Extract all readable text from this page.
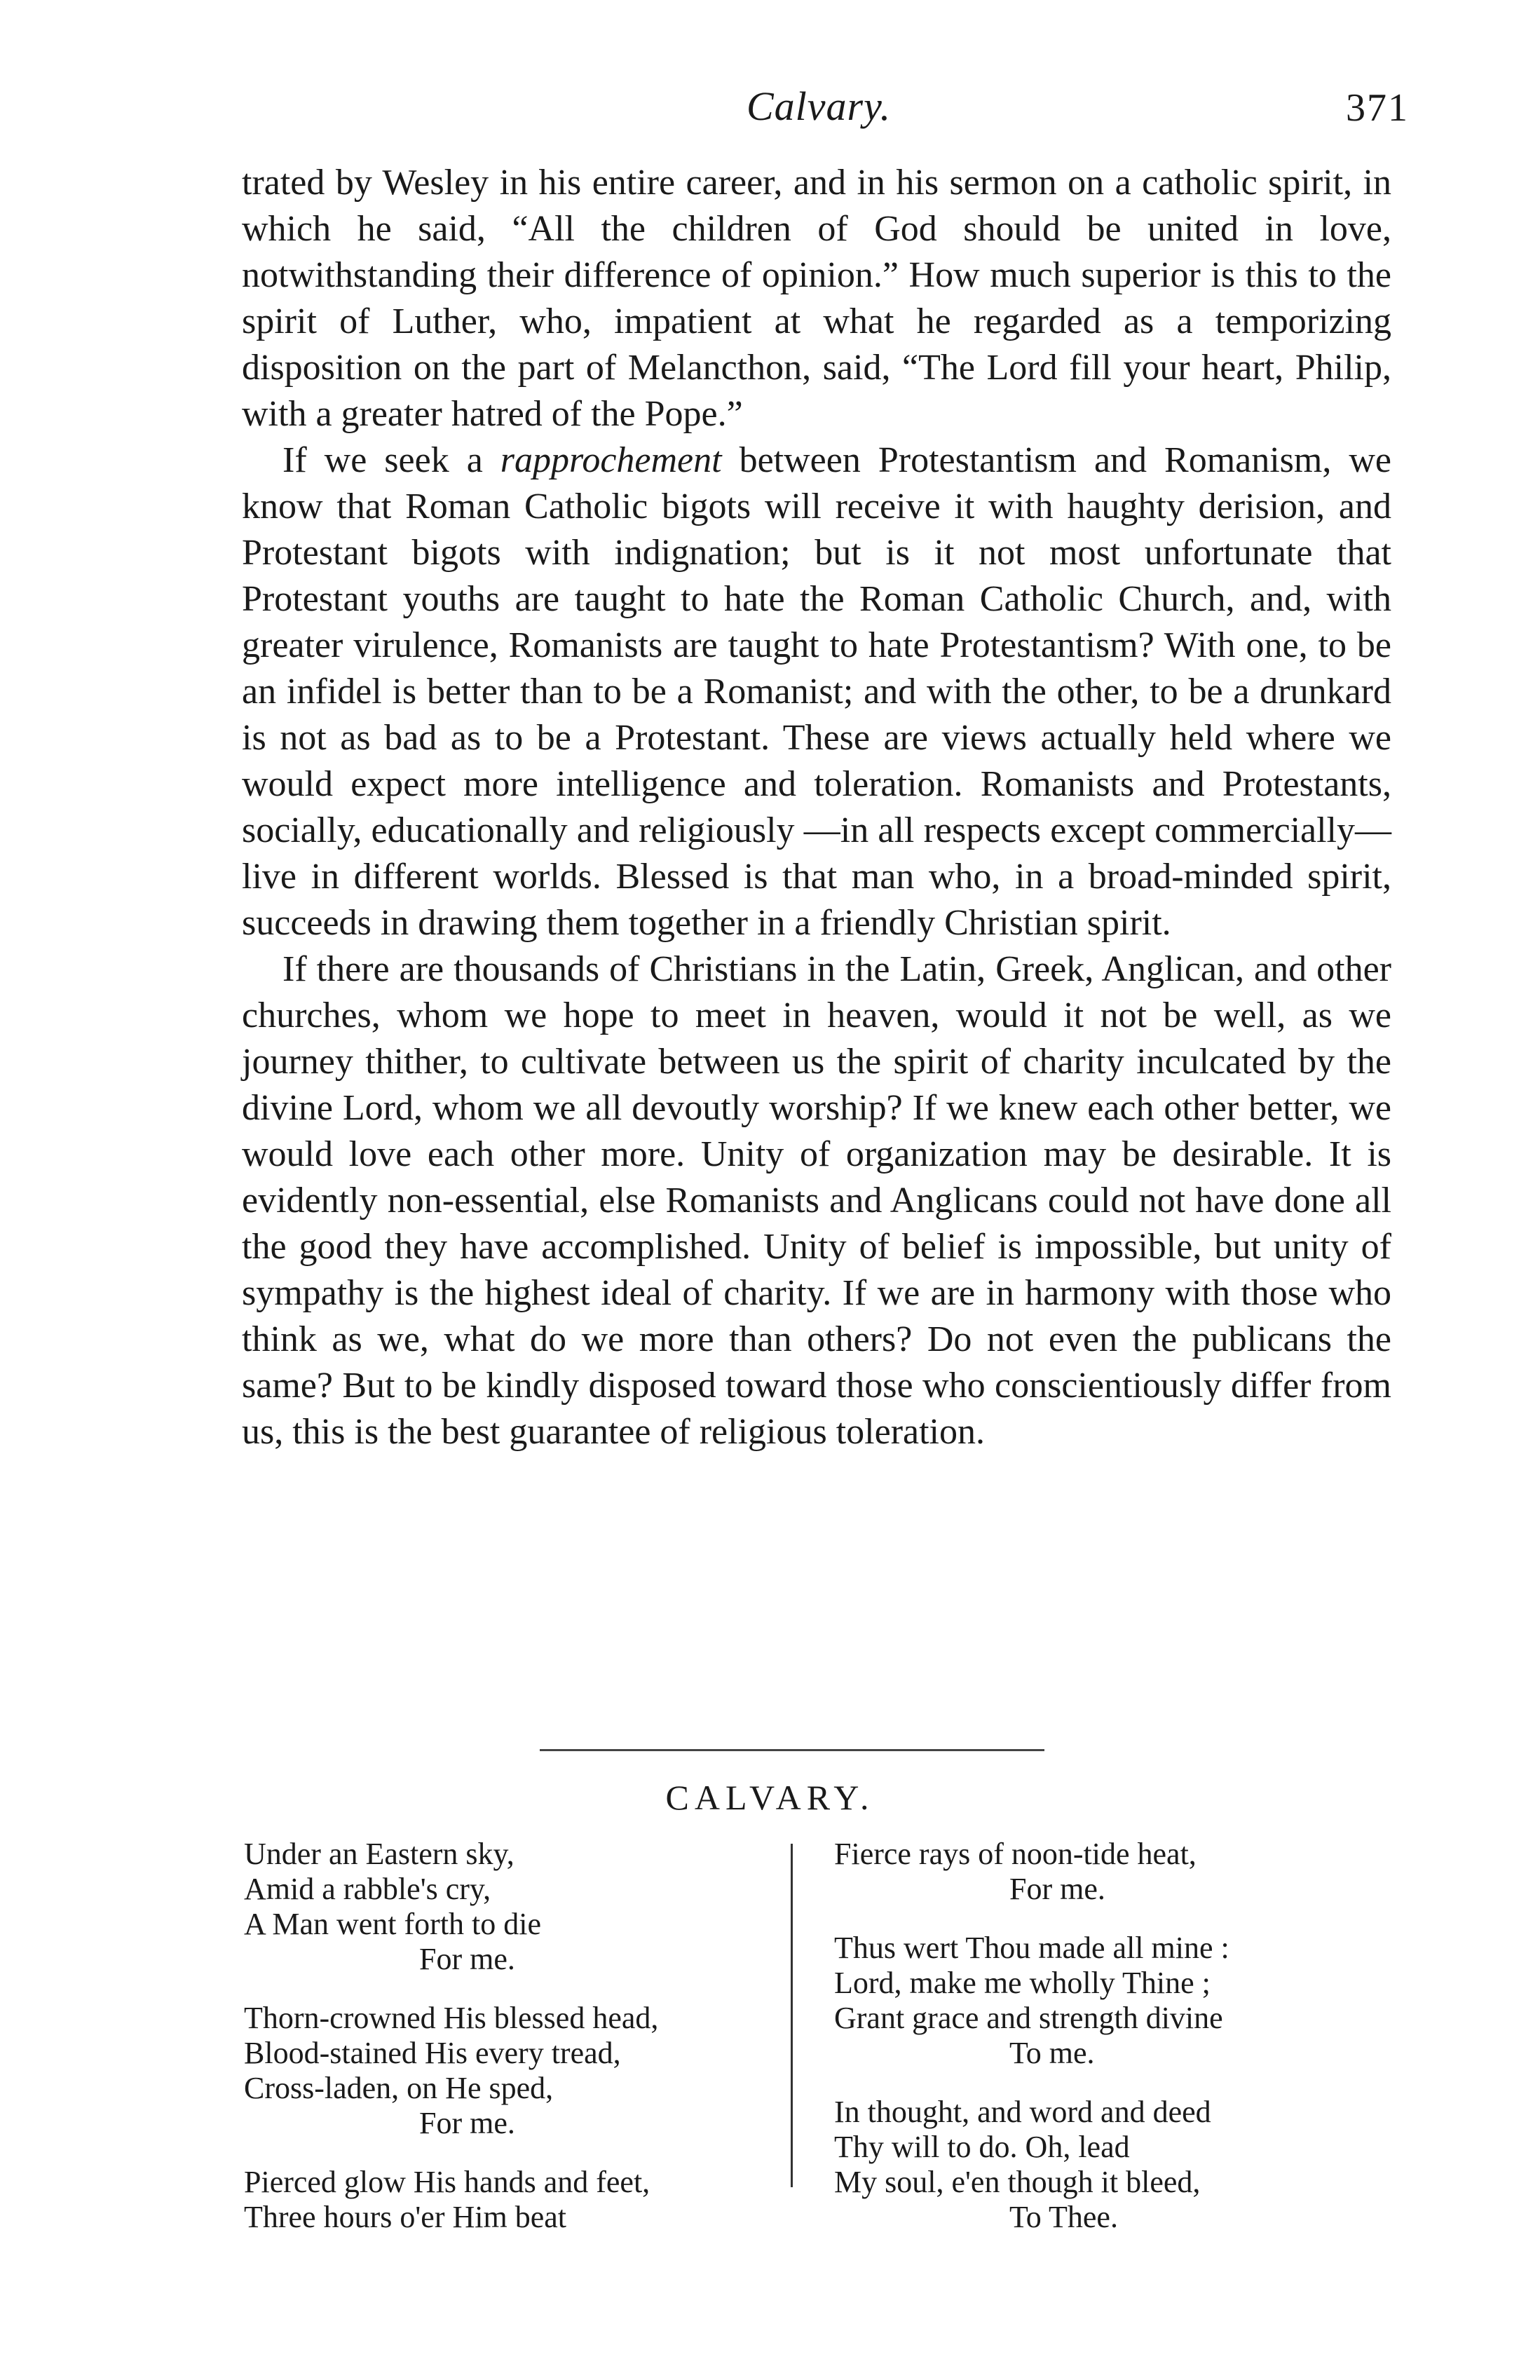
Calvary.	371

trated by Wesley in his entire career, and in his sermon on a catholic spirit, in which he said, “All the children of God should be united in love, notwithstanding their difference of opinion.” How much superior is this to the spirit of Luther, who, impatient at what he regarded as a temporizing disposition on the part of Melancthon, said, “The Lord fill your heart, Philip, with a greater hatred of the Pope.”

If we seek a rapprochement between Protestantism and Romanism, we know that Roman Catholic bigots will receive it with haughty derision, and Protestant bigots with indignation; but is it not most unfortunate that Protestant youths are taught to hate the Roman Catholic Church, and, with greater virulence, Romanists are taught to hate Protestantism? With one, to be an infidel is better than to be a Romanist; and with the other, to be a drunkard is not as bad as to be a Protestant. These are views actually held where we would expect more intelligence and toleration. Romanists and Protestants, socially, educationally and religiously —in all respects except commercially—live in different worlds. Blessed is that man who, in a broad-minded spirit, succeeds in drawing them together in a friendly Christian spirit.

If there are thousands of Christians in the Latin, Greek, Anglican, and other churches, whom we hope to meet in heaven, would it not be well, as we journey thither, to cultivate between us the spirit of charity inculcated by the divine Lord, whom we all devoutly worship? If we knew each other better, we would love each other more. Unity of organization may be desirable. It is evidently non-essential, else Romanists and Anglicans could not have done all the good they have accomplished. Unity of belief is impossible, but unity of sympathy is the highest ideal of charity. If we are in harmony with those who think as we, what do we more than others? Do not even the publicans the same? But to be kindly disposed toward those who conscientiously differ from us, this is the best guarantee of religious toleration.

CALVARY.
Under an Eastern sky,
Amid a rabble's cry,
A Man went forth to die
For me.
Thorn-crowned His blessed head,
Blood-stained His every tread,
Cross-laden, on He sped,
For me.
Pierced glow His hands and feet,
Three hours o'er Him beat
Fierce rays of noon-tide heat,
For me.
Thus wert Thou made all mine :
Lord, make me wholly Thine ;
Grant grace and strength divine
To me.
In thought, and word and deed
Thy will to do. Oh, lead
My soul, e'en though it bleed,
To Thee.
